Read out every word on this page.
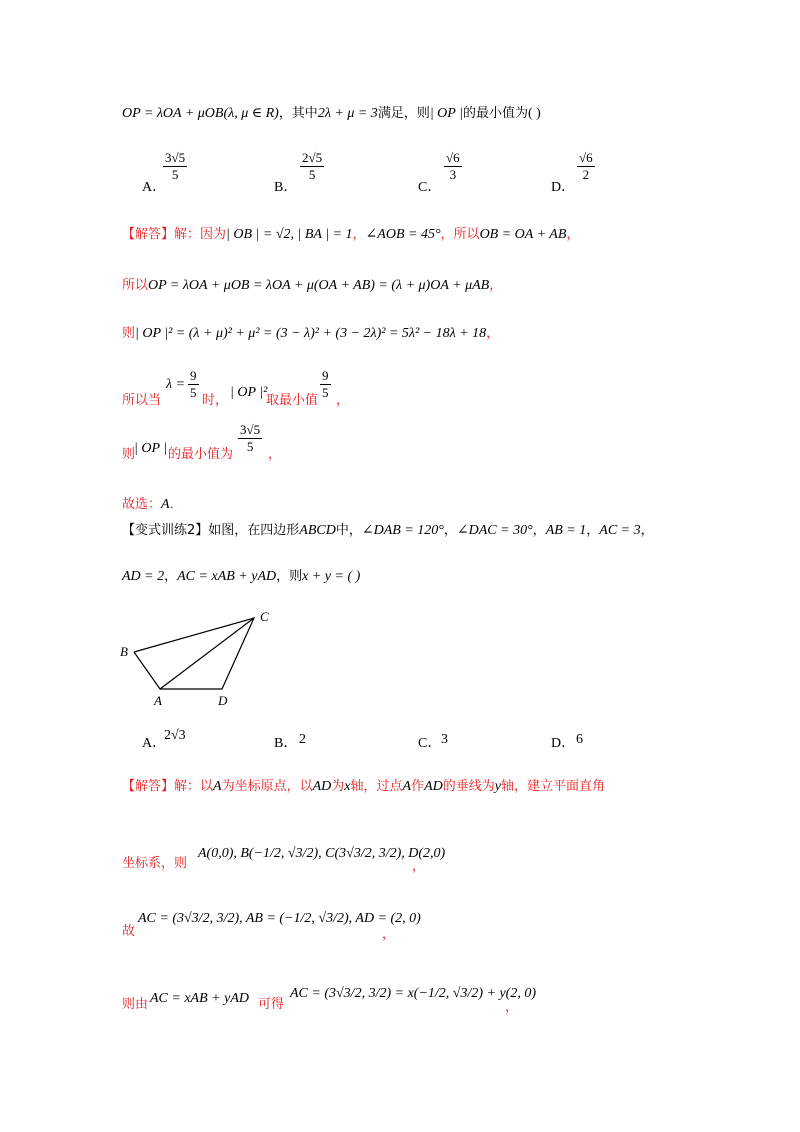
OP = λOA + μOB(λ, μ ∈ R)，其中2λ + μ = 3满足，则| OP |的最小值为( )
A．
$\frac{3√5}{5}$
B．
$\frac{2√5}{5}$
C．
$\frac{√6}{3}$
D．
$\frac{√6}{2}$
【解答】解：因为| OB | = √2, | BA | = 1，∠AOB = 45°，所以OB = OA + AB，
所以OP = λOA + μOB = λOA + μ(OA + AB) = (λ + μ)OA + μAB，
则| OP |² = (λ + μ)² + μ² = (3 − λ)² + (3 − 2λ)² = 5λ² − 18λ + 18，
所以当
$\lambda = \frac{9}{5}$ 时，
| OP |²
取最小值 $\frac{9}{5}$ ，
则
| OP | 的最小值为 $\frac{3√5}{5}$ ，
故选：A．
【变式训练2】如图，在四边形ABCD中，∠DAB = 120°，∠DAC = 30°，AB = 1，AC = 3，
AD = 2，AC = xAB + yAD，则x + y = ( )
B
C
A	D
A．
2√3
B． 2	C． 3	D． 6
【解答】解：以A为坐标原点，以AD为x轴，过点A作AD的垂线为y轴，建立平面直角
坐标系，则
A(0,0), B(−1/2, √3/2), C(3√3/2, 3/2), D(2,0)
，
故
AC = (3√3/2, 3/2), AB = (−1/2, √3/2), AD = (2, 0)
，
则由 AC = xAB + yAD 可得
AC = (3√3/2, 3/2) = x(−1/2, √3/2) + y(2, 0)
，
